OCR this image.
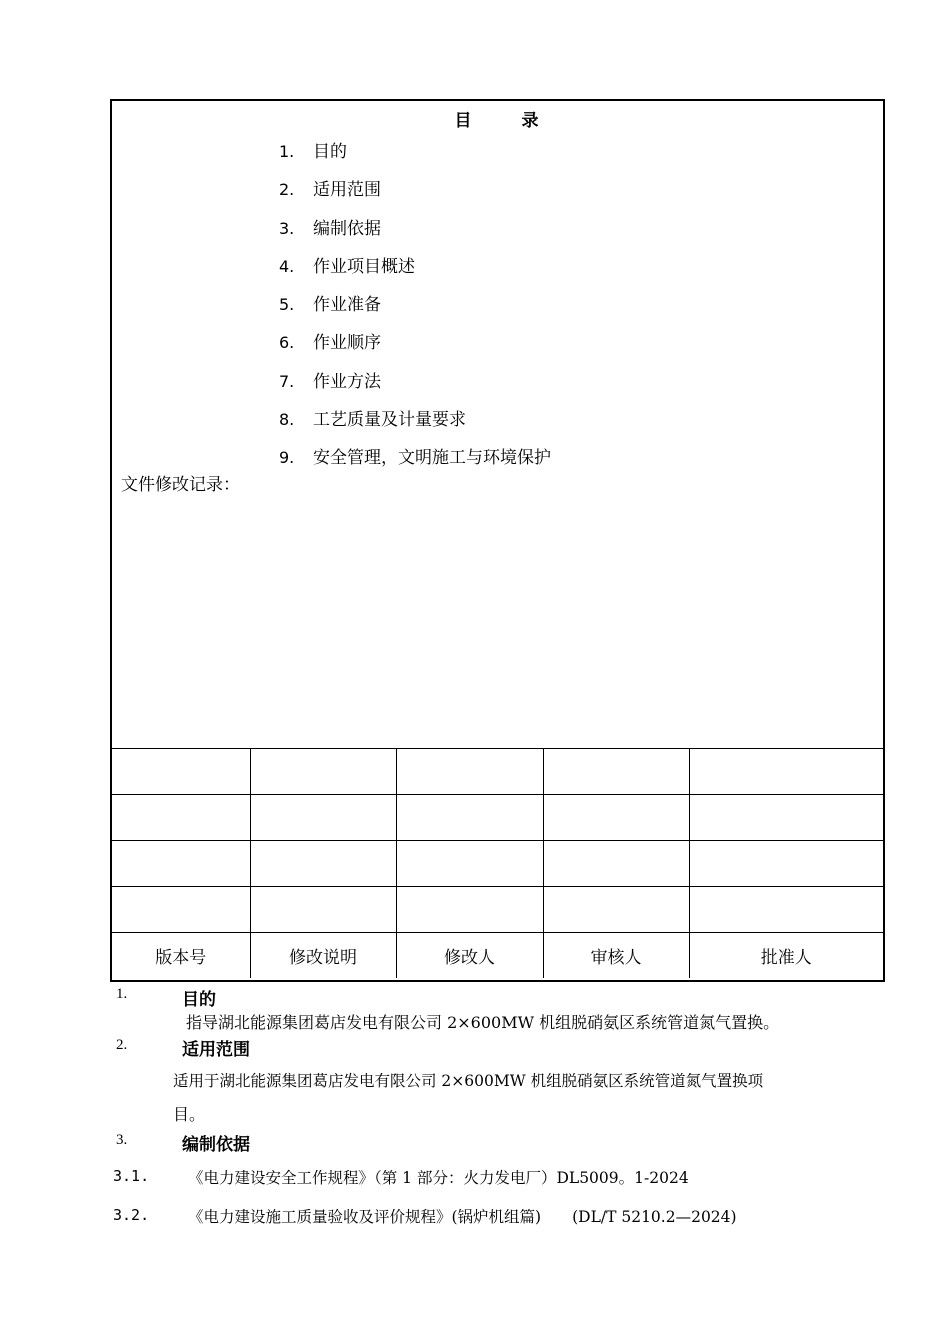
目	录
1. 目的
2. 适用范围
3. 编制依据
4. 作业项目概述
5. 作业准备
6. 作业顺序
7. 作业方法
8. 工艺质量及计量要求
9. 安全管理，文明施工与环境保护
文件修改记录：

版本号	修改说明	修改人	审核人	批准人
1.	目的
指导湖北能源集团葛店发电有限公司 2×600MW 机组脱硝氨区系统管道氮气置换。
2.	适用范围
适用于湖北能源集团葛店发电有限公司 2×600MW 机组脱硝氨区系统管道氮气置换项
目。
3.	编制依据
3.1.	《电力建设安全工作规程》（第 1 部分：火力发电厂）DL5009。1-2024
3.2.	《电力建设施工质量验收及评价规程》(锅炉机组篇)　　(DL/T 5210.2—2024)
